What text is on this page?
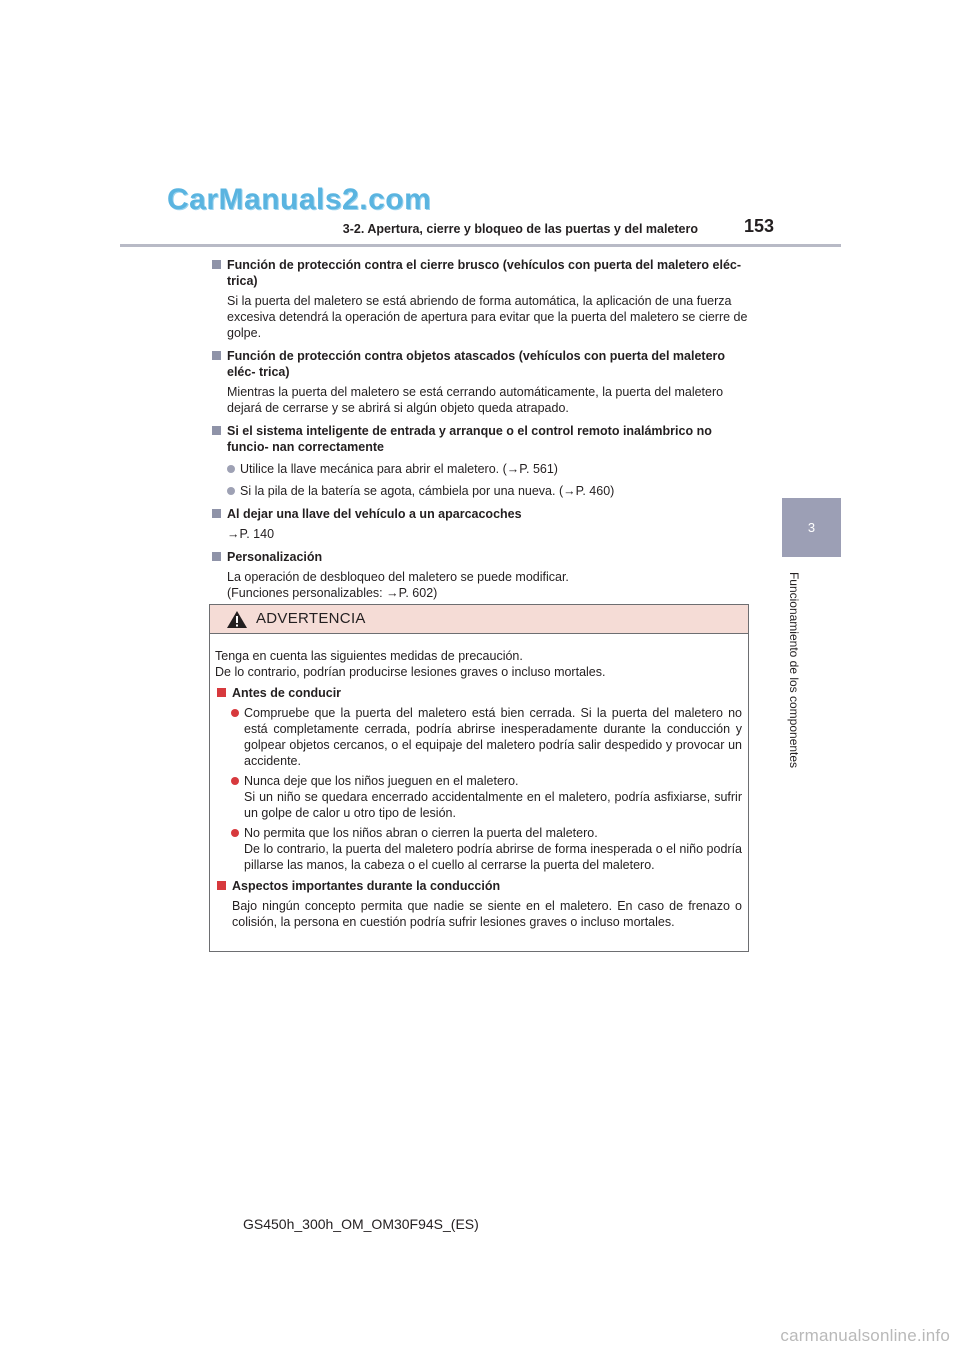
CarManuals2.com
3-2. Apertura, cierre y bloqueo de las puertas y del maletero	153
3
Funcionamiento de los componentes
Función de protección contra el cierre brusco (vehículos con puerta del maletero eléc- trica)
Si la puerta del maletero se está abriendo de forma automática, la aplicación de una fuerza excesiva detendrá la operación de apertura para evitar que la puerta del maletero se cierre de golpe.
Función de protección contra objetos atascados (vehículos con puerta del maletero eléc- trica)
Mientras la puerta del maletero se está cerrando automáticamente, la puerta del maletero dejará de cerrarse y se abrirá si algún objeto queda atrapado.
Si el sistema inteligente de entrada y arranque o el control remoto inalámbrico no funcio- nan correctamente
Utilice la llave mecánica para abrir el maletero. (→P. 561)
Si la pila de la batería se agota, cámbiela por una nueva. (→P. 460)
Al dejar una llave del vehículo a un aparcacoches
→P. 140
Personalización
La operación de desbloqueo del maletero se puede modificar.
(Funciones personalizables: →P. 602)
ADVERTENCIA
Tenga en cuenta las siguientes medidas de precaución.
De lo contrario, podrían producirse lesiones graves o incluso mortales.
Antes de conducir
Compruebe que la puerta del maletero está bien cerrada. Si la puerta del maletero no está completamente cerrada, podría abrirse inesperadamente durante la conducción y golpear objetos cercanos, o el equipaje del maletero podría salir despedido y provocar un accidente.
Nunca deje que los niños jueguen en el maletero.
Si un niño se quedara encerrado accidentalmente en el maletero, podría asfixiarse, sufrir un golpe de calor u otro tipo de lesión.
No permita que los niños abran o cierren la puerta del maletero.
De lo contrario, la puerta del maletero podría abrirse de forma inesperada o el niño podría pillarse las manos, la cabeza o el cuello al cerrarse la puerta del maletero.
Aspectos importantes durante la conducción
Bajo ningún concepto permita que nadie se siente en el maletero. En caso de frenazo o colisión, la persona en cuestión podría sufrir lesiones graves o incluso mortales.
GS450h_300h_OM_OM30F94S_(ES)
carmanualsonline.info
